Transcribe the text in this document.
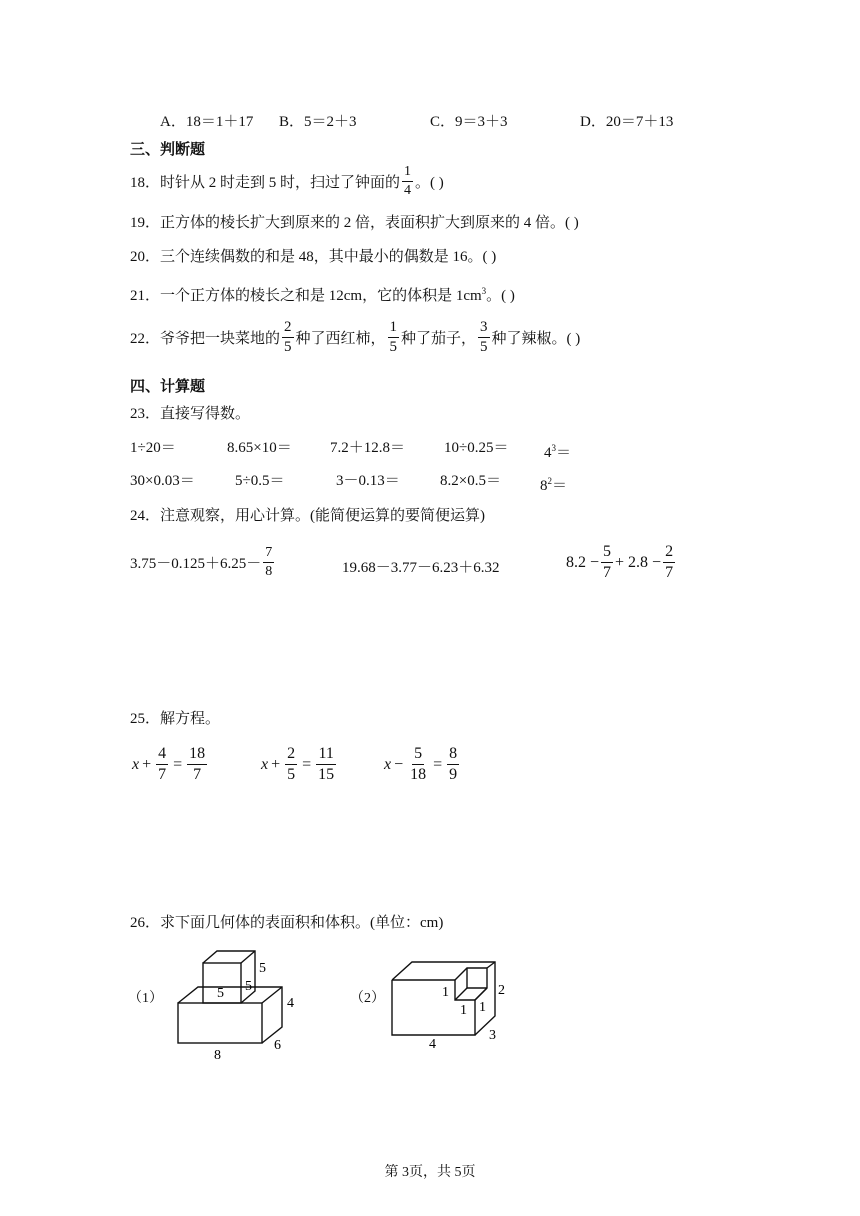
A．18＝1＋17 B．5＝2＋3	C．9＝3＋3	D．20＝7＋13
三、判断题
18．时针从 2 时走到 5 时，扫过了钟面的 $\frac{1}{4}$ 。( )
19．正方体的棱长扩大到原来的 2 倍，表面积扩大到原来的 4 倍。( )
20．三个连续偶数的和是 48，其中最小的偶数是 16。( )
21．一个正方体的棱长之和是 12cm，它的体积是 $1cm^3$。( )
22．爷爷把一块菜地的 $\frac{2}{5}$ 种了西红柿， $\frac{1}{5}$ 种了茄子， $\frac{3}{5}$ 种了辣椒。( )
四、计算题
23．直接写得数。
1÷20＝	8.65×10＝	7.2＋12.8＝	$10\div 0.25= 4^3=$
30×0.03＝	5÷0.5＝	3－0.13＝	8.2×0.5＝	$8^2=$
24．注意观察，用心计算。(能简便运算的要简便运算)
$3.75-0.125+6.25- \frac{7}{8}$	19.68－3.77－6.23＋6.32	$8.2 - \frac{5}{7} + 2.8 - \frac{2}{7}$
25．解方程。
$x + \frac{4}{7} = \frac{18}{7}$	$x + \frac{2}{5} = \frac{11}{15}$	$x - \frac{5}{18} = \frac{8}{9}$
26．求下面几何体的表面积和体积。(单位：cm)
（1）
5
5 5
4
6
8
（2）	1
1 1
2
4
3
第 3页，共 5页
